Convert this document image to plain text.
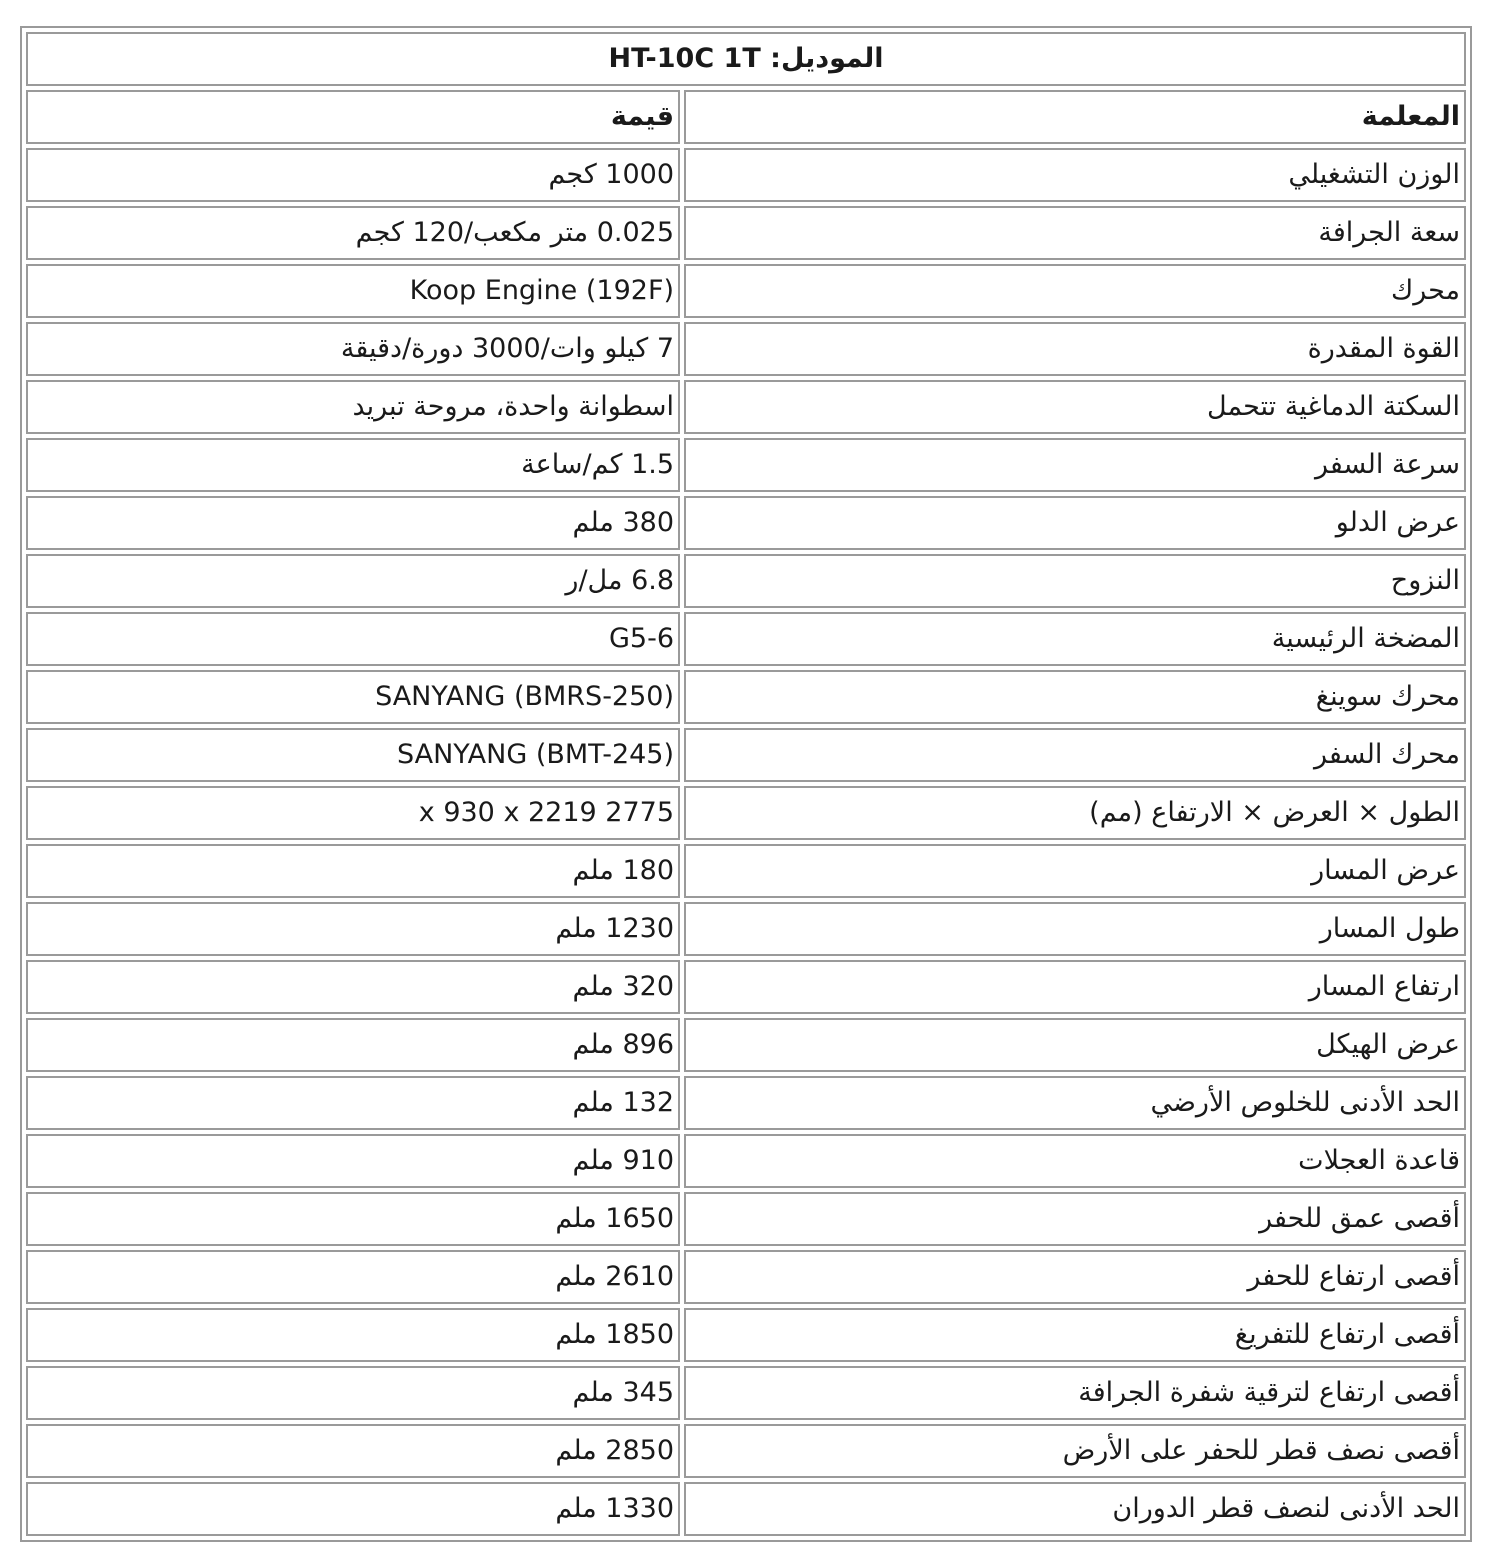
الموديل: HT-10C 1T	
المعلمة	قيمة
الوزن التشغيلي	1000 كجم
سعة الجرافة	0.025 متر مكعب/120 كجم
محرك	Koop Engine (192F)
القوة المقدرة	7 كيلو وات/3000 دورة/دقيقة
السكتة الدماغية تتحمل	اسطوانة واحدة، مروحة تبريد
سرعة السفر	1.5 كم/ساعة
عرض الدلو	380 ملم
النزوح	6.8 مل/ر
المضخة الرئيسية	G5-6
محرك سوينغ	SANYANG (BMRS-250)
محرك السفر	SANYANG (BMT-245)
الطول × العرض × الارتفاع (مم)	x 930 x 2219 2775
عرض المسار	180 ملم
طول المسار	1230 ملم
ارتفاع المسار	320 ملم
عرض الهيكل	896 ملم
الحد الأدنى للخلوص الأرضي	132 ملم
قاعدة العجلات	910 ملم
أقصى عمق للحفر	1650 ملم
أقصى ارتفاع للحفر	2610 ملم
أقصى ارتفاع للتفريغ	1850 ملم
أقصى ارتفاع لترقية شفرة الجرافة	345 ملم
أقصى نصف قطر للحفر على الأرض	2850 ملم
الحد الأدنى لنصف قطر الدوران	1330 ملم
